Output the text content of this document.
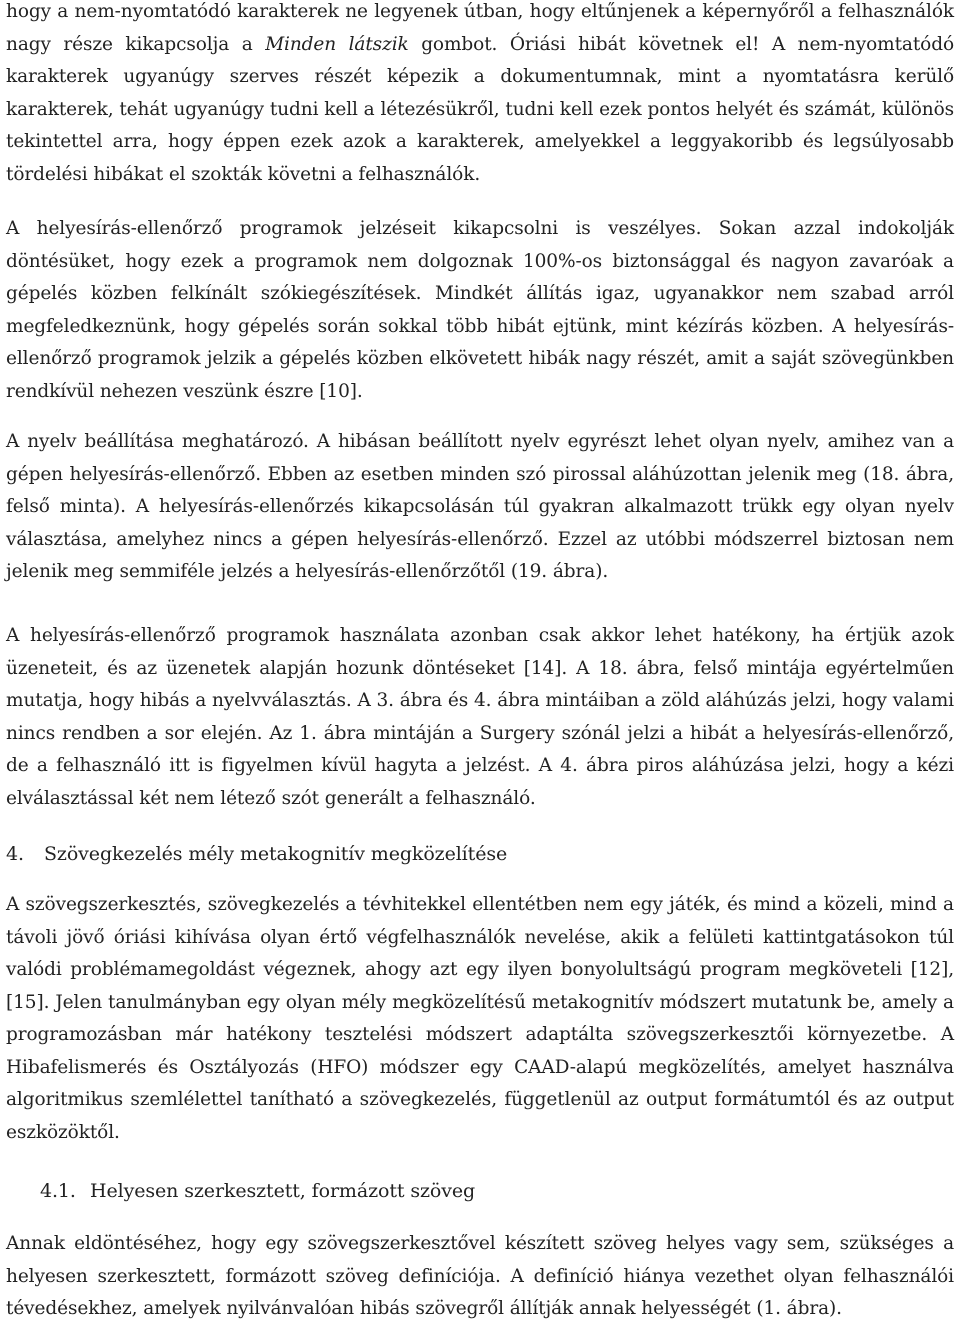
hogy a nem-nyomtatódó karakterek ne legyenek útban, hogy eltűnjenek a képernyőről a felhasználók nagy része kikapcsolja a Minden látszik gombot. Óriási hibát követnek el! A nem-nyomtatódó karakterek ugyanúgy szerves részét képezik a dokumentumnak, mint a nyomtatásra kerülő karakterek, tehát ugyanúgy tudni kell a létezésükről, tudni kell ezek pontos helyét és számát, különös tekintettel arra, hogy éppen ezek azok a karakterek, amelyekkel a leggyakoribb és legsúlyosabb tördelési hibákat el szokták követni a felhasználók.

A helyesírás-ellenőrző programok jelzéseit kikapcsolni is veszélyes. Sokan azzal indokolják döntésüket, hogy ezek a programok nem dolgoznak 100%-os biztonsággal és nagyon zavaróak a gépelés közben felkínált szókiegészítések. Mindkét állítás igaz, ugyanakkor nem szabad arról megfeledkeznünk, hogy gépelés során sokkal több hibát ejtünk, mint kézírás közben. A helyesírás-ellenőrző programok jelzik a gépelés közben elkövetett hibák nagy részét, amit a saját szövegünkben rendkívül nehezen veszünk észre [10].

A nyelv beállítása meghatározó. A hibásan beállított nyelv egyrészt lehet olyan nyelv, amihez van a gépen helyesírás-ellenőrző. Ebben az esetben minden szó pirossal aláhúzottan jelenik meg (18. ábra, felső minta). A helyesírás-ellenőrzés kikapcsolásán túl gyakran alkalmazott trükk egy olyan nyelv választása, amelyhez nincs a gépen helyesírás-ellenőrző. Ezzel az utóbbi módszerrel biztosan nem jelenik meg semmiféle jelzés a helyesírás-ellenőrzőtől (19. ábra).

A helyesírás-ellenőrző programok használata azonban csak akkor lehet hatékony, ha értjük azok üzeneteit, és az üzenetek alapján hozunk döntéseket [14]. A 18. ábra, felső mintája egyértelműen mutatja, hogy hibás a nyelvválasztás. A 3. ábra és 4. ábra mintáiban a zöld aláhúzás jelzi, hogy valami nincs rendben a sor elején. Az 1. ábra mintáján a Surgery szónál jelzi a hibát a helyesírás-ellenőrző, de a felhasználó itt is figyelmen kívül hagyta a jelzést. A 4. ábra piros aláhúzása jelzi, hogy a kézi elválasztással két nem létező szót generált a felhasználó.

4. Szövegkezelés mély metakognitív megközelítése

A szövegszerkesztés, szövegkezelés a tévhitekkel ellentétben nem egy játék, és mind a közeli, mind a távoli jövő óriási kihívása olyan értő végfelhasználók nevelése, akik a felületi kattintgatásokon túl valódi problémamegoldást végeznek, ahogy azt egy ilyen bonyolultságú program megköveteli [12], [15]. Jelen tanulmányban egy olyan mély megközelítésű metakognitív módszert mutatunk be, amely a programozásban már hatékony tesztelési módszert adaptálta szövegszerkesztői környezetbe. A Hibafelismerés és Osztályozás (HFO) módszer egy CAAD-alapú megközelítés, amelyet használva algoritmikus szemlélettel tanítható a szövegkezelés, függetlenül az output formátumtól és az output eszközöktől.

4.1. Helyesen szerkesztett, formázott szöveg

Annak eldöntéséhez, hogy egy szövegszerkesztővel készített szöveg helyes vagy sem, szükséges a helyesen szerkesztett, formázott szöveg definíciója. A definíció hiánya vezethet olyan felhasználói tévedésekhez, amelyek nyilvánvalóan hibás szövegről állítják annak helyességét (1. ábra).
